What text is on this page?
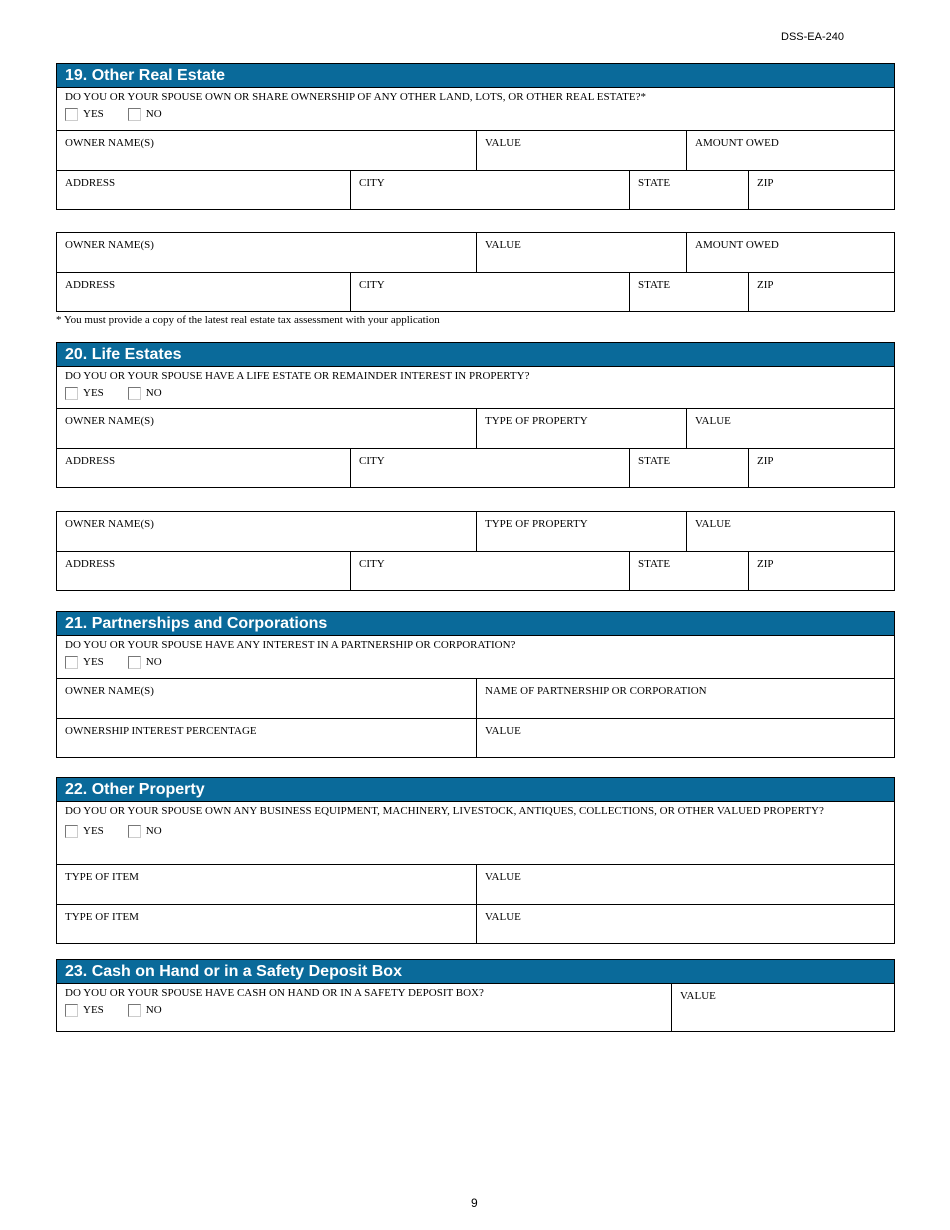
DSS-EA-240
19. Other Real Estate
DO YOU OR YOUR SPOUSE OWN OR SHARE OWNERSHIP OF ANY OTHER LAND, LOTS, OR OTHER REAL ESTATE?*
YES	NO
OWNER NAME(S)	VALUE	AMOUNT OWED
ADDRESS	CITY	STATE	ZIP
OWNER NAME(S)	VALUE	AMOUNT OWED
ADDRESS	CITY	STATE	ZIP
* You must provide a copy of the latest real estate tax assessment with your application
20. Life Estates
DO YOU OR YOUR SPOUSE HAVE A LIFE ESTATE OR REMAINDER INTEREST IN PROPERTY?
YES	NO
OWNER NAME(S)	TYPE OF PROPERTY	VALUE
ADDRESS	CITY	STATE	ZIP
OWNER NAME(S)	TYPE OF PROPERTY	VALUE
ADDRESS	CITY	STATE	ZIP
21. Partnerships and Corporations
DO YOU OR YOUR SPOUSE HAVE ANY INTEREST IN A PARTNERSHIP OR CORPORATION?
YES	NO
OWNER NAME(S)	NAME OF PARTNERSHIP OR CORPORATION
OWNERSHIP INTEREST PERCENTAGE	VALUE
22. Other Property
DO YOU OR YOUR SPOUSE OWN ANY BUSINESS EQUIPMENT, MACHINERY, LIVESTOCK, ANTIQUES, COLLECTIONS, OR OTHER VALUED PROPERTY?
YES	NO
TYPE OF ITEM	VALUE
TYPE OF ITEM	VALUE
23. Cash on Hand or in a Safety Deposit Box
DO YOU OR YOUR SPOUSE HAVE CASH ON HAND OR IN A SAFETY DEPOSIT BOX?
YES	NO
VALUE
9
